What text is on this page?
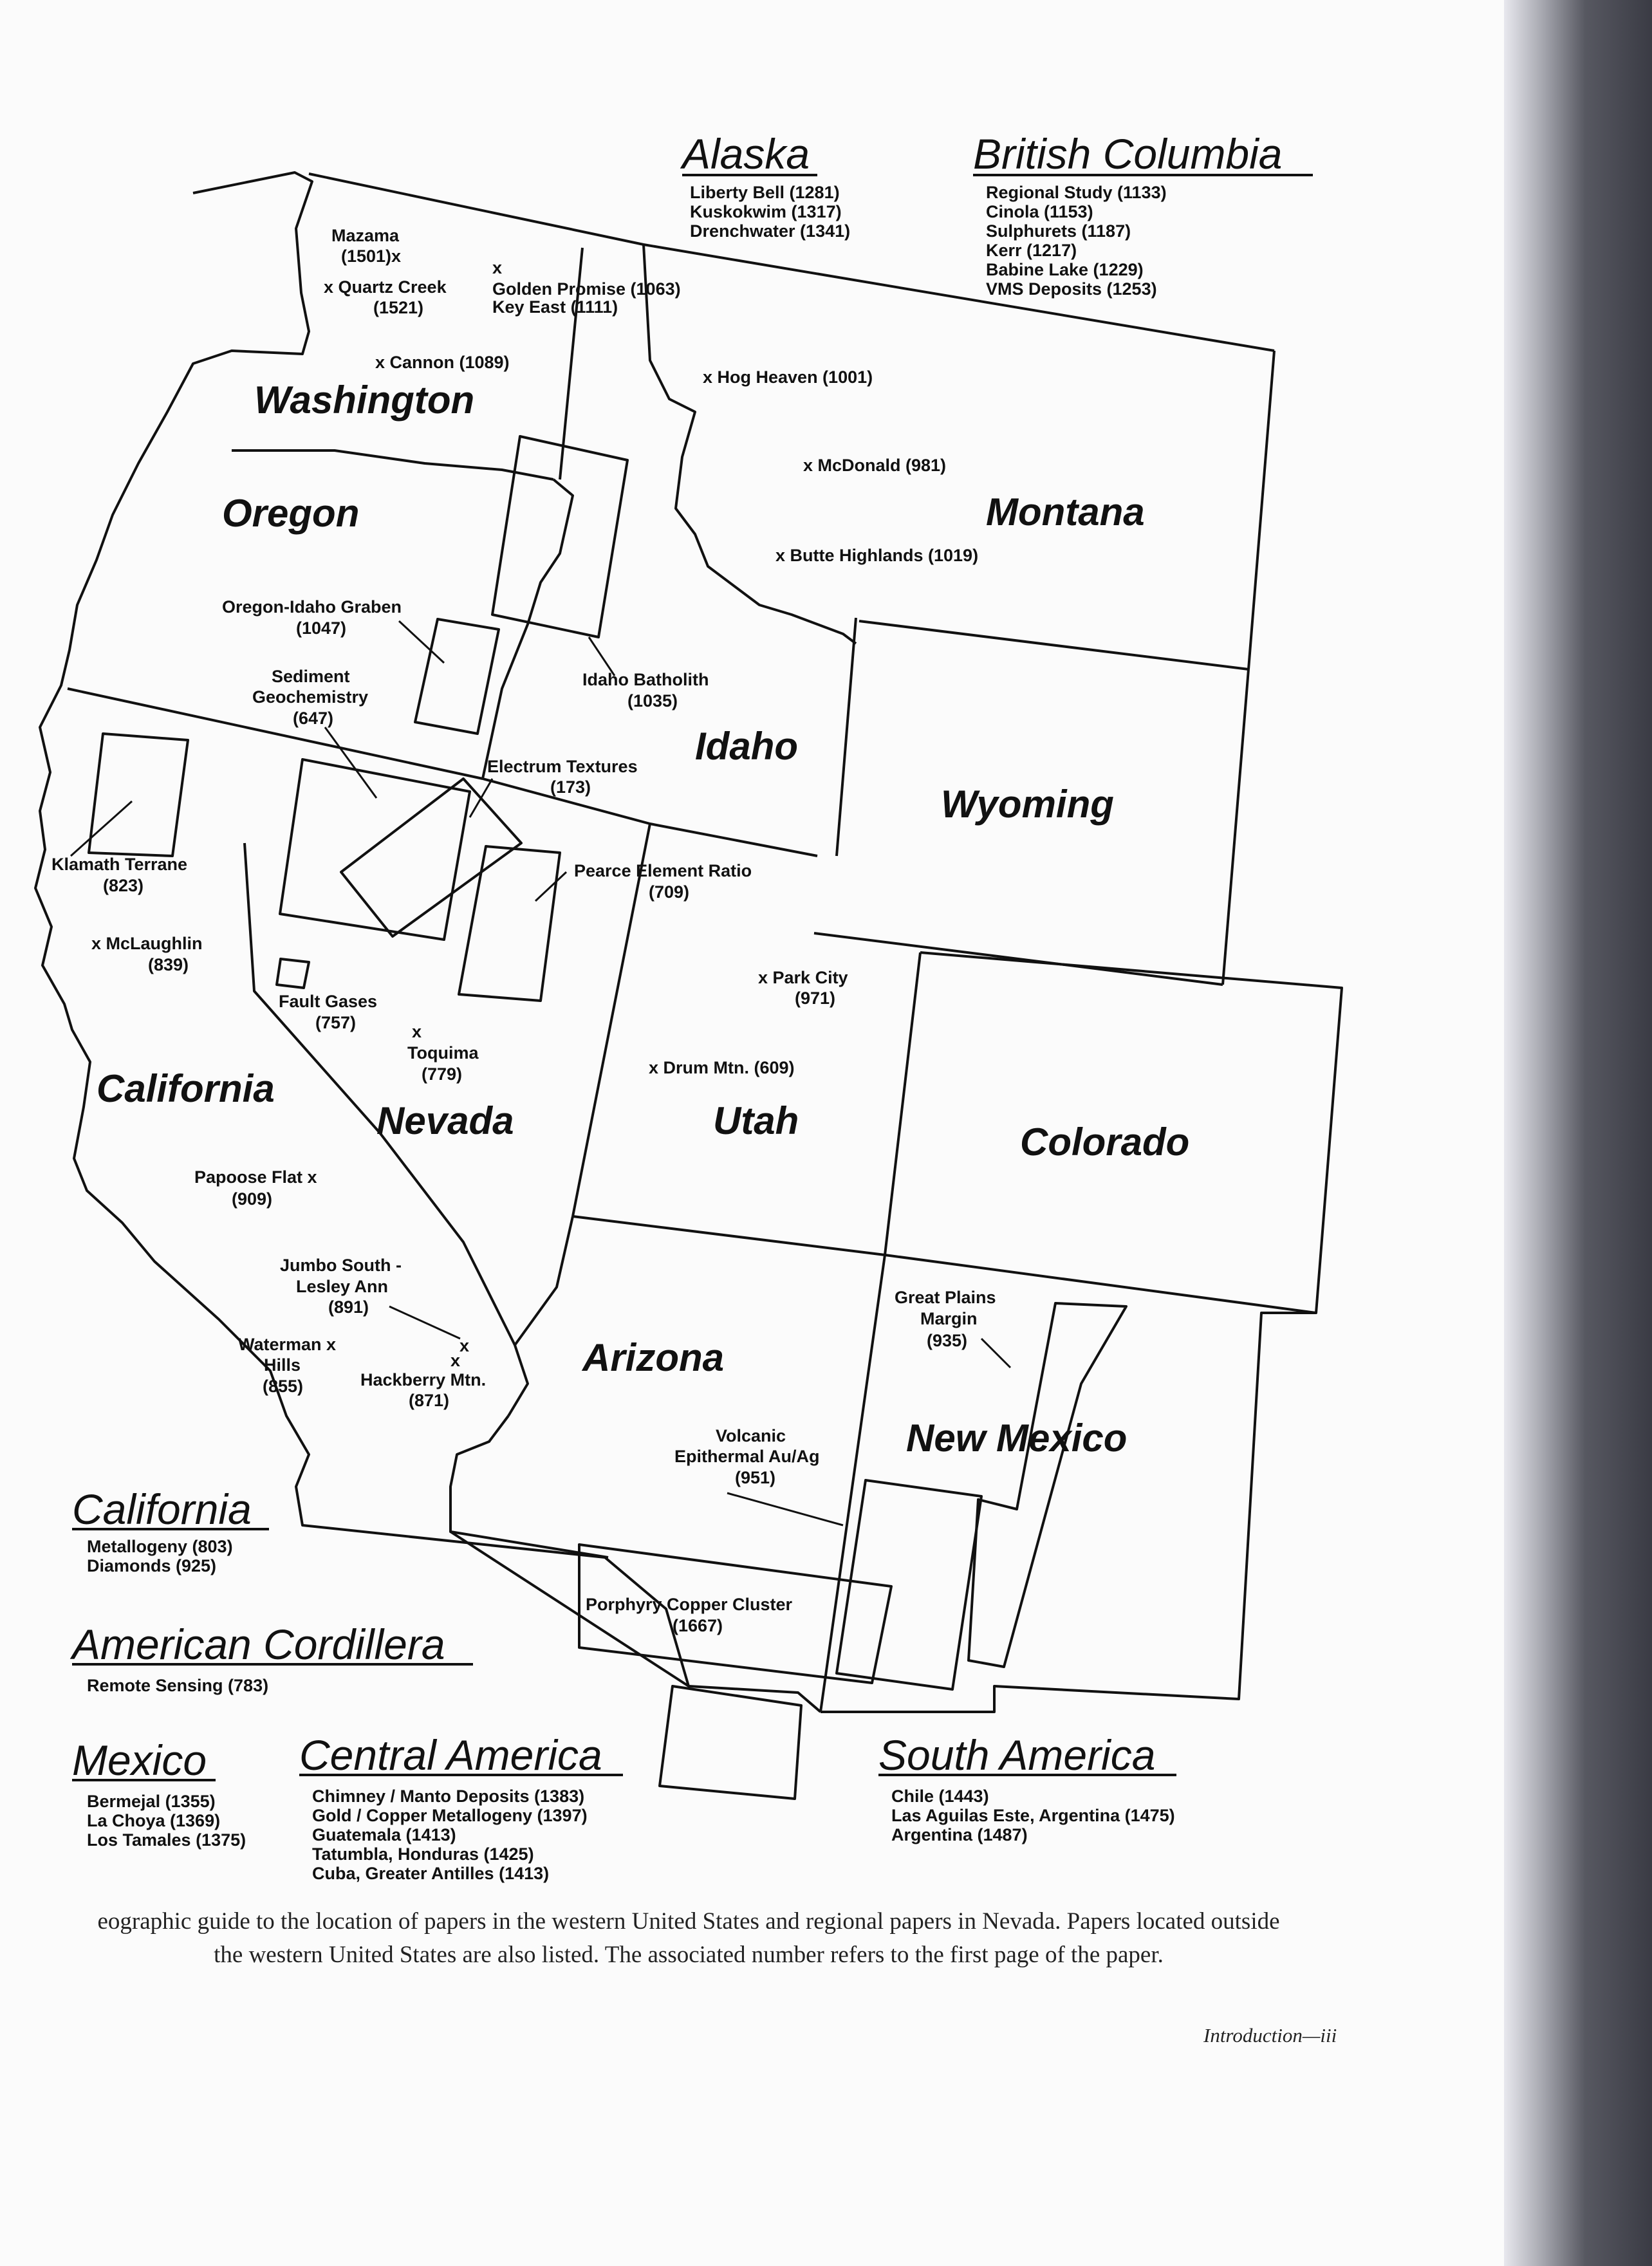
Alaska	British Columbia
California
American Cordillera
Mexico Central America	South America
Liberty Bell (1281)
Kuskokwim (1317)
Drenchwater (1341)
Regional Study (1133)
Cinola (1153)
Sulphurets (1187)
Kerr (1217)
Babine Lake (1229)
VMS Deposits (1253)
Metallogeny (803)
Diamonds (925)
Remote Sensing (783)
Bermejal (1355)
La Choya (1369)
Los Tamales (1375)
Chimney / Manto Deposits (1383)
Gold / Copper Metallogeny (1397)
Guatemala (1413)
Tatumbla, Honduras (1425)
Cuba, Greater Antilles (1413)
Chile (1443)
Las Aguilas Este, Argentina (1475)
Argentina (1487)
Washington
Oregon
Idaho
Montana
Wyoming
California
Nevada	Utah	Colorado
Arizona
New Mexico
Mazama
(1501)x
x Quartz Creek
(1521)
x
Golden Promise (1063)
Key East (1111)
x Cannon (1089)
x Hog Heaven (1001)
x McDonald (981)
x Butte Highlands (1019)
Oregon-Idaho Graben
(1047)
Sediment
Geochemistry
(647)
Idaho Batholith
(1035)
Electrum Textures
(173)
Klamath Terrane
(823)
x McLaughlin
(839)
Pearce Element Ratio
(709)
Fault Gases
(757)	x
Toquima
(779)
x Park City
(971)
x Drum Mtn. (609)
Papoose Flat x
(909)
Jumbo South -
Lesley Ann
(891)
Waterman x
Hills
(855)
x
x
Hackberry Mtn.
(871)
Great Plains
Margin
(935)
Volcanic
Epithermal Au/Ag
(951)
Porphyry Copper Cluster
(1667)
eographic guide to the location of papers in the western United States and regional papers in Nevada. Papers located outside
the western United States are also listed. The associated number refers to the first page of the paper.
Introduction—iii
